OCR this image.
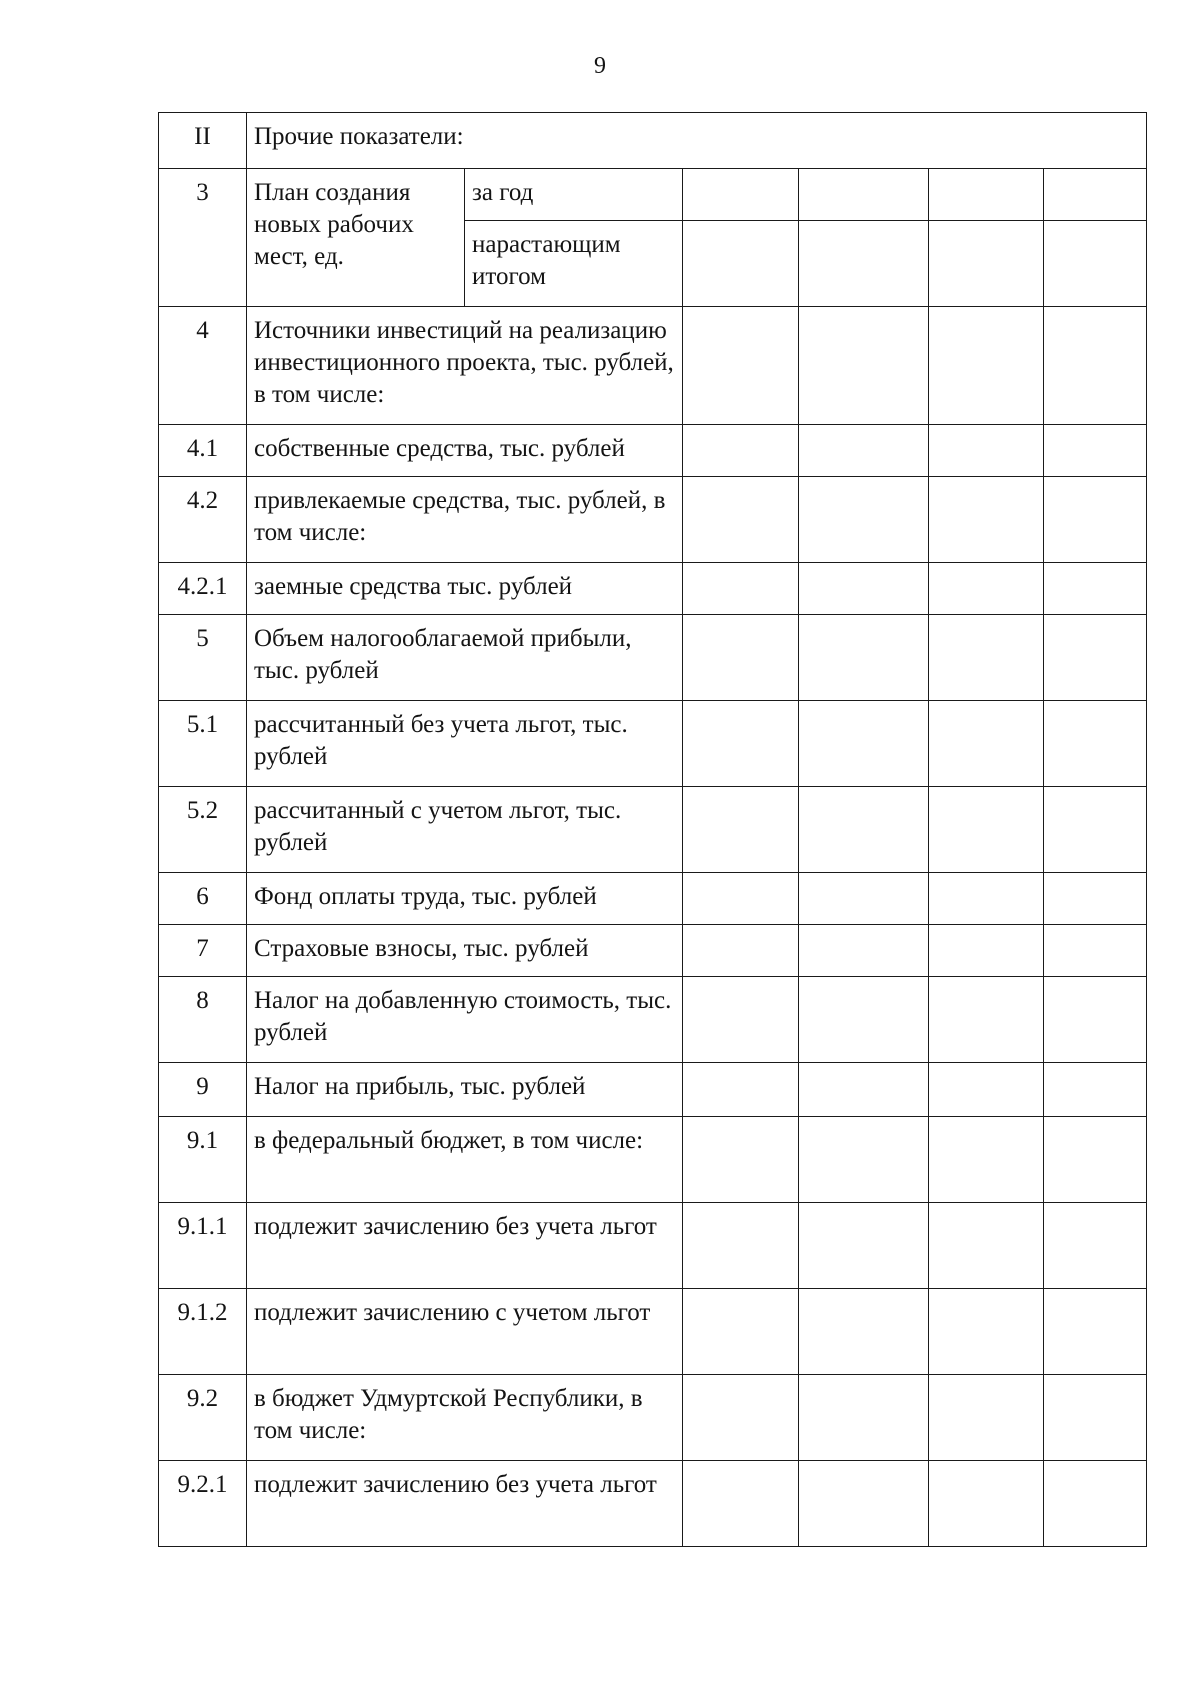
9
II	Прочие показатели:					
3	План создания новых рабочих мест, ед.	за год				
		нарастающим итогом				
4	Источники инвестиций на реализацию инвестиционного проекта, тыс. рублей, в том числе:					
4.1	собственные средства, тыс. рублей					
4.2	привлекаемые средства, тыс. рублей, в том числе:					
4.2.1	заемные средства тыс. рублей					
5	Объем налогооблагаемой прибыли, тыс. рублей					
5.1	рассчитанный без учета льгот, тыс. рублей					
5.2	рассчитанный с учетом льгот, тыс. рублей					
6	Фонд оплаты труда, тыс. рублей					
7	Страховые взносы, тыс. рублей					
8	Налог на добавленную стоимость, тыс. рублей					
9	Налог на прибыль, тыс. рублей					
9.1	в федеральный бюджет, в том числе:					
9.1.1	подлежит зачислению без учета льгот					
9.1.2	подлежит зачислению с учетом льгот					
9.2	в бюджет Удмуртской Республики, в том числе:					
9.2.1	подлежит зачислению без учета льгот					
